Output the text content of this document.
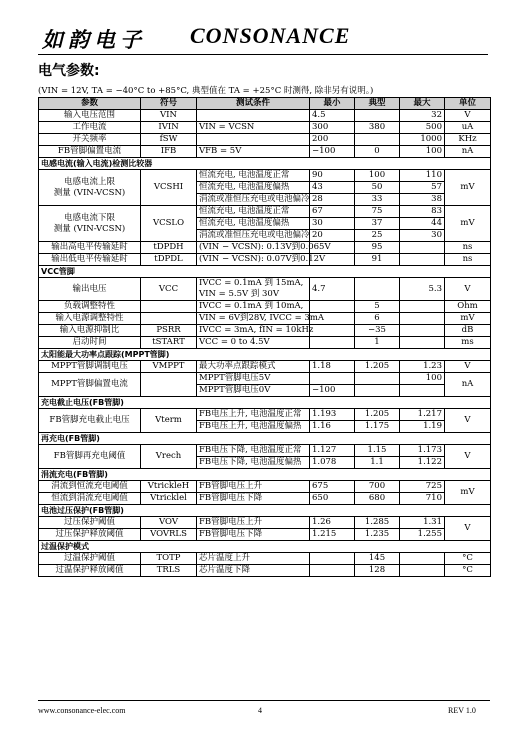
如韵电子 CONSONANCE
电气参数:
(VIN = 12V, TA = −40°C to +85°C, 典型值在 TA = +25°C 时测得, 除非另有说明。)
参数	符号	测试条件	最小	典型	最大	单位
输入电压范围	VIN		4.5		32	V
工作电流	IVIN	VIN = VCSN	300	380	500	uA
开关频率	fSW		200		1000	KHz
FB管脚偏置电流	IFB	VFB = 5V	−100	0	100	nA
电感电流(输入电流)检测比较器						

电感电流上限
测量 (VIN-VCSN)	VCSHI	恒流充电, 电池温度正常	90	100	110	mV
		恒流充电, 电池温度偏热	43	50	57	
		涓流或准恒压充电或电池偏冷	28	33	38	

电感电流下限
测量 (VIN-VCSN)	VCSLO	恒流充电, 电池温度正常	67	75	83	mV
		恒流充电, 电池温度偏热	30	37	44	
		涓流或准恒压充电或电池偏冷	20	25	30	
输出高电平传输延时	tDPDH	(VIN − VCSN): 0.13V到0.065V		95		ns
输出低电平传输延时	tDPDL	(VIN − VCSN): 0.07V到0.12V		91		ns
VCC管脚						
输出电压	VCC	IVCC = 0.1mA 到 15mA,
VIN = 5.5V 到 30V	4.7		5.3	V
负载调整特性		IVCC = 0.1mA 到 10mA,		5		Ohm
输入电源调整特性		VIN = 6V到28V, IVCC = 3mA		6		mV
输入电源抑制比	PSRR	IVCC = 3mA, fIN = 10kHz		−35		dB
启动时间	tSTART	VCC = 0 to 4.5V		1		ms
太阳能最大功率点跟踪(MPPT管脚)						
MPPT管脚调制电压	VMPPT	最大功率点跟踪模式	1.18	1.205	1.23	V
MPPT管脚偏置电流		MPPT管脚电压5V			100	nA
		MPPT管脚电压0V	−100			
充电截止电压(FB管脚)						

FB管脚充电截止电压	Vterm	FB电压上升, 电池温度正常	1.193	1.205	1.217	V
		FB电压上升, 电池温度偏热	1.16	1.175	1.19	
再充电(FB管脚)						

FB管脚再充电阈值	Vrech	FB电压下降, 电池温度正常	1.127	1.15	1.173	V
		FB电压下降, 电池温度偏热	1.078	1.1	1.122	
涓流充电(FB管脚)						
涓流到恒流充电阈值	VtrickleH	FB管脚电压上升	675	700	725	mV
恒流到涓流充电阈值	Vtricklel	FB管脚电压下降	650	680	710	
电池过压保护(FB管脚)						
过压保护阈值	VOV	FB管脚电压上升	1.26	1.285	1.31	V
过压保护释放阈值	VOVRLS	FB管脚电压下降	1.215	1.235	1.255	
过温保护模式						
过温保护阈值	TOTP	芯片温度上升		145		°C
过温保护释放阈值	TRLS	芯片温度下降		128		°C
www.consonance-elec.com	4	REV 1.0
